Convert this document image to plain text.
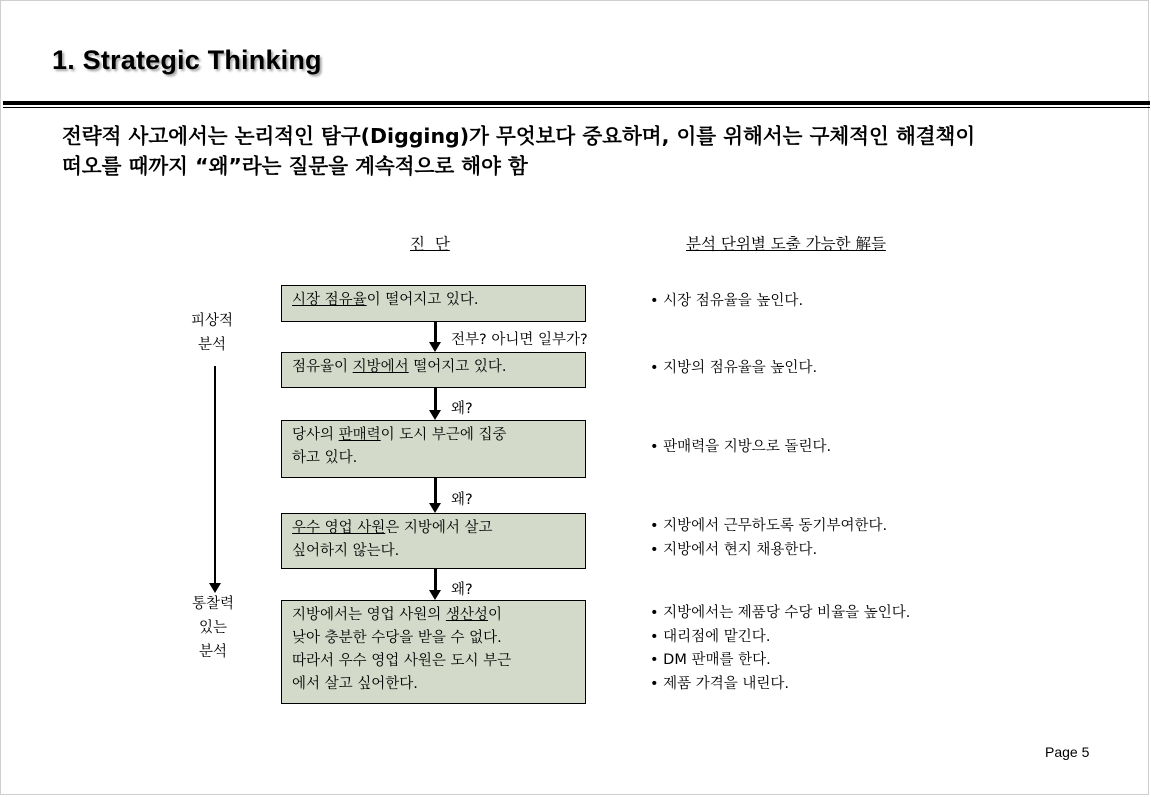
1. Strategic Thinking
전략적 사고에서는 논리적인 탐구(Digging)가 무엇보다 중요하며, 이를 위해서는 구체적인 해결책이
떠오를 때까지 “왜”라는 질문을 계속적으로 해야 함
진  단	분석 단위별 도출 가능한 解들
피상적
분석
통찰력
있는
분석
시장 점유율이 떨어지고 있다.
점유율이 지방에서 떨어지고 있다.
당사의 판매력이 도시 부근에 집중
하고 있다.
우수 영업 사원은 지방에서 살고
싶어하지 않는다.
지방에서는 영업 사원의 생산성이
낮아 충분한 수당을 받을 수 없다.
따라서 우수 영업 사원은 도시 부근
에서 살고 싶어한다.
전부? 아니면 일부가?
왜?
왜?
왜?
• 시장 점유율을 높인다.
• 지방의 점유율을 높인다.
• 판매력을 지방으로 돌린다.
• 지방에서 근무하도록 동기부여한다.
• 지방에서 현지 채용한다.
• 지방에서는 제품당 수당 비율을 높인다.
• 대리점에 맡긴다.
• DM 판매를 한다.
• 제품 가격을 내린다.
Page 5
